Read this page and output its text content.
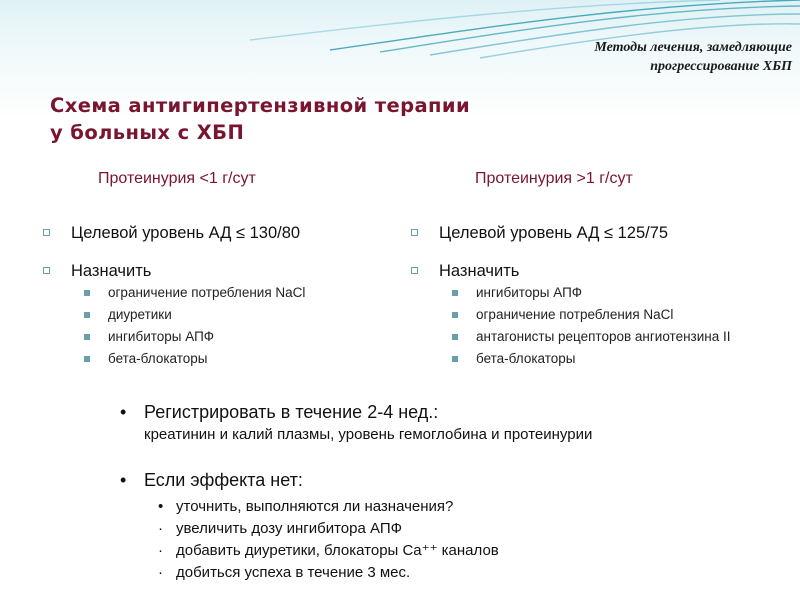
Методы лечения, замедляющие
прогрессирование ХБП
Схема антигипертензивной терапии
у больных с ХБП
Протеинурия <1 г/сут	Протеинурия >1 г/сут
Целевой уровень АД ≤ 130/80
Назначить
ограничение потребления NaCl
диуретики
ингибиторы АПФ
бета-блокаторы
Целевой уровень АД ≤ 125/75
Назначить
ингибиторы АПФ
ограничение потребления NaCl
антагонисты рецепторов ангиотензина II
бета-блокаторы
• Регистрировать в течение 2-4 нед.:
креатинин и калий плазмы, уровень гемоглобина и протеинурии
• Если эффекта нет:
• уточнить, выполняются ли назначения?
· увеличить дозу ингибитора АПФ
· добавить диуретики, блокаторы Ca⁺⁺ каналов
· добиться успеха в течение 3 мес.
